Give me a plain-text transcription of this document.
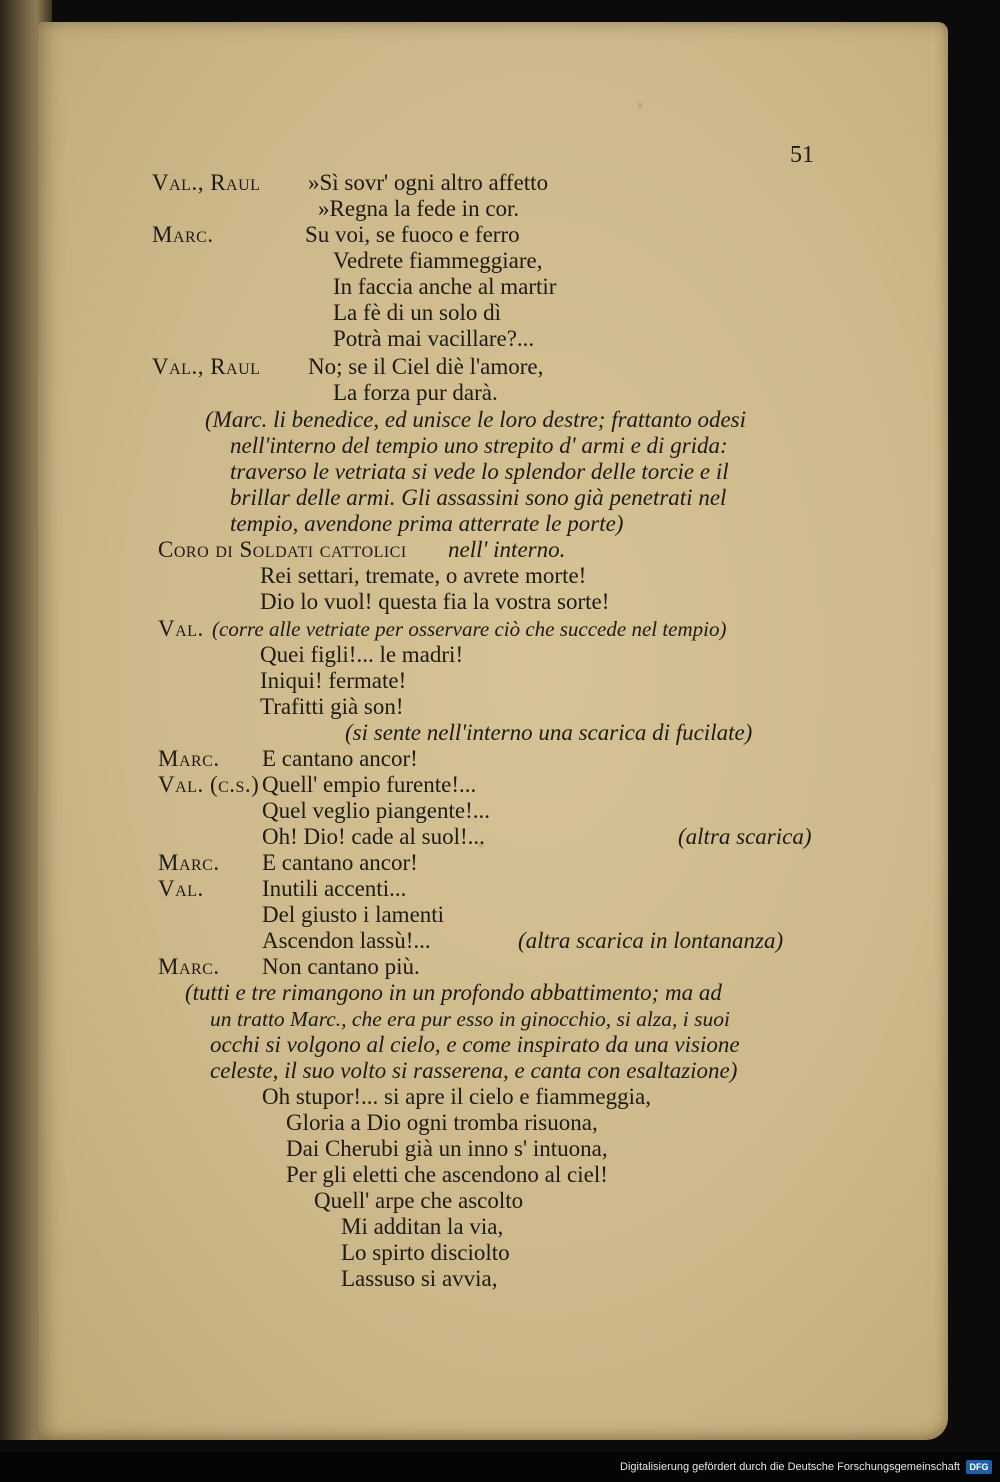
51
Val., Raul »Sì sovr' ogni altro affetto
»Regna la fede in cor.
Marc.	Su voi, se fuoco e ferro
Vedrete fiammeggiare,
In faccia anche al martir
La fè di un solo dì
Potrà mai vacillare?...
Val., Raul No; se il Ciel diè l'amore,
La forza pur darà.
(Marc. li benedice, ed unisce le loro destre; frattanto odesi
nell'interno del tempio uno strepito d' armi e di grida:
traverso le vetriata si vede lo splendor delle torcie e il
brillar delle armi. Gli assassini sono già penetrati nel
tempio, avendone prima atterrate le porte)
Coro di Soldati cattolici nell' interno.
Rei settari, tremate, o avrete morte!
Dio lo vuol! questa fia la vostra sorte!
Val. (corre alle vetriate per osservare ciò che succede nel tempio)
Quei figli!... le madri!
Iniqui! fermate!
Trafitti già son!
(si sente nell'interno una scarica di fucilate)
Marc. E cantano ancor!
Val. (c.s.) Quell' empio furente!...
Quel veglio piangente!...
Oh! Dio! cade al suol!...	(altra scarica)
Marc. E cantano ancor!
Val.	Inutili accenti...
Del giusto i lamenti
Ascendon lassù!...	(altra scarica in lontananza)
Marc. Non cantano più.
(tutti e tre rimangono in un profondo abbattimento; ma ad
un tratto Marc., che era pur esso in ginocchio, si alza, i suoi
occhi si volgono al cielo, e come inspirato da una visione
celeste, il suo volto si rasserena, e canta con esaltazione)
Oh stupor!... si apre il cielo e fiammeggia,
Gloria a Dio ogni tromba risuona,
Dai Cherubi già un inno s' intuona,
Per gli eletti che ascendono al ciel!
Quell' arpe che ascolto
Mi additan la via,
Lo spirto disciolto
Lassuso si avvia,
Digitalisierung gefördert durch die Deutsche Forschungsgemeinschaft	DFG
